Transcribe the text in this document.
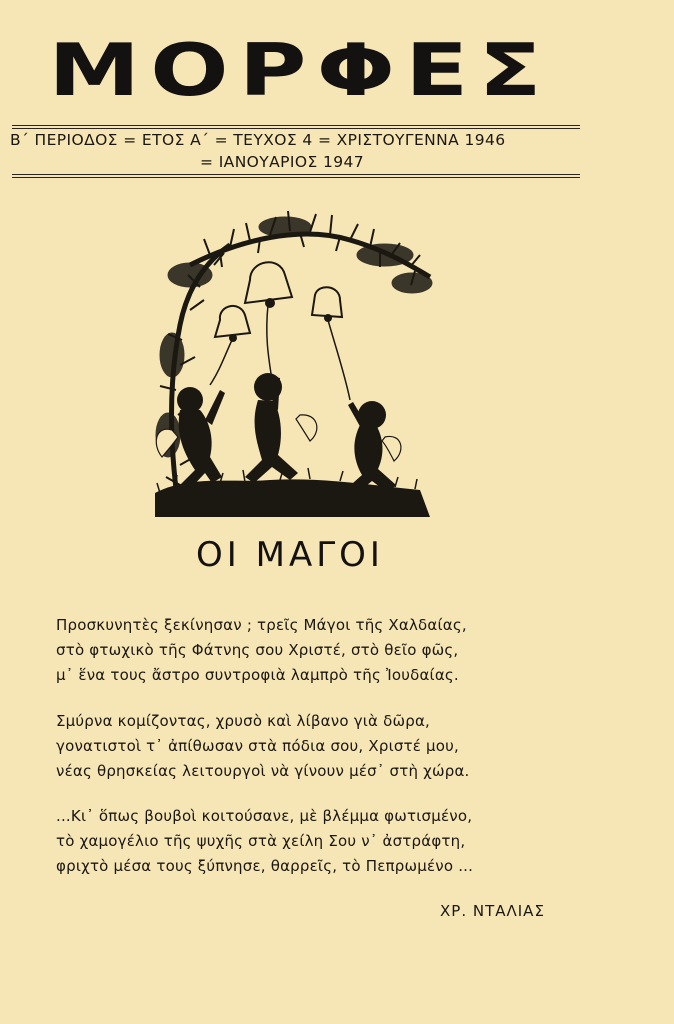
ΜΟΡΦΕΣ
Β΄ ΠΕΡΙΟΔΟΣ = ΕΤΟΣ Α΄ = ΤΕΥΧΟΣ 4 = ΧΡΙΣΤΟΥΓΕΝΝΑ 1946
= ΙΑΝΟΥΑΡΙΟΣ 1947
ΟΙ ΜΑΓΟΙ
Προσκυνητὲς ξεκίνησαν ; τρεῖς Μάγοι τῆς Χαλδαίας,
στὸ φτωχικὸ τῆς Φάτνης σου Χριστέ, στὸ θεῖο φῶς,
μ᾿ ἕνα τους ἄστρο συντροφιὰ λαμπρὸ τῆς Ἰουδαίας.
Σμύρνα κομίζοντας, χρυσὸ καὶ λίβανο γιὰ δῶρα,
γονατιστοὶ τ᾿ ἀπίθωσαν στὰ πόδια σου, Χριστέ μου,
νέας θρησκείας λειτουργοὶ νὰ γίνουν μέσ᾿ στὴ χώρα.
...Κι᾿ ὅπως βουβοὶ κοιτούσανε, μὲ βλέμμα φωτισμένο,
τὸ χαμογέλιο τῆς ψυχῆς στὰ χείλη Σου ν᾿ ἀστράφτη,
φριχτὸ μέσα τους ξύπνησε, θαρρεῖς, τὸ Πεπρωμένο ...
ΧΡ. ΝΤΑΛΙΑΣ
